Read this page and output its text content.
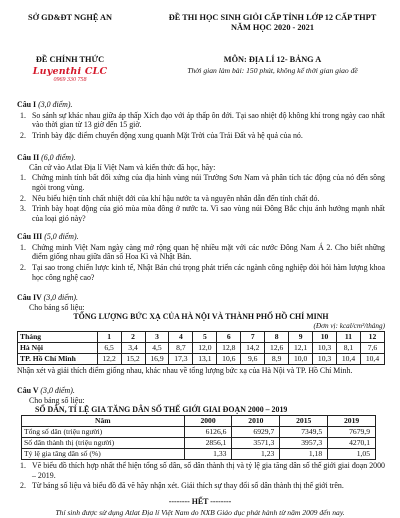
SỞ GD&ĐT NGHỆ AN	ĐỀ THI HỌC SINH GIỎI CẤP TỈNH LỚP 12 CẤP THPT
NĂM HỌC 2020 - 2021
ĐỀ CHÍNH THỨC
Luyenthi CLC
0969 330 758
MÔN: ĐỊA LÍ 12- BẢNG A
Thời gian làm bài: 150 phút, không kể thời gian giao đề
Câu I (3,0 điểm).
1. So sánh sự khác nhau giữa áp thấp Xích đạo với áp thấp ôn đới. Tại sao nhiệt độ không khí trong ngày cao nhất vào thời gian từ 13 giờ đến 15 giờ.
2. Trình bày đặc điểm chuyển động xung quanh Mặt Trời của Trái Đất và hệ quả của nó.
Câu II (6,0 điểm).
Căn cứ vào Atlat Địa lí Việt Nam và kiến thức đã học, hãy:
1. Chứng minh tính bất đối xứng của địa hình vùng núi Trường Sơn Nam và phân tích tác động của nó đến sông ngòi trong vùng.
2. Nêu biểu hiện tính chất nhiệt đới của khí hậu nước ta và nguyên nhân dẫn đến tính chất đó.
3. Trình bày hoạt động của gió mùa mùa đông ở nước ta. Vì sao vùng núi Đông Bắc chịu ảnh hưởng mạnh nhất của loại gió này?
Câu III (5,0 điểm).
1. Chứng minh Việt Nam ngày càng mở rộng quan hệ nhiều mặt với các nước Đông Nam Á 2. Cho biết những điểm giống nhau giữa dân số Hoa Kì và Nhật Bản.
2. Tại sao trong chiến lược kinh tế, Nhật Bản chú trọng phát triển các ngành công nghiệp đòi hỏi hàm lượng khoa học công nghệ cao?
Câu IV (3,0 điểm).
Cho bảng số liệu:
TỔNG LƯỢNG BỨC XẠ CỦA HÀ NỘI VÀ THÀNH PHỐ HỒ CHÍ MINH
(Đơn vị: kcal/cm²/tháng)
Tháng	1	2	3	4	5	6	7	8	9	10	11	12
Hà Nội	6,5	3,4	4,5	8,7	12,0	12,8	14,2	12,6	12,1	10,3	8,1	7,6
TP. Hồ Chí Minh	12,2	15,2	16,9	17,3	13,1	10,6	9,6	8,9	10,0	10,3	10,4	10,4
Nhận xét và giải thích điểm giống nhau, khác nhau về tổng lượng bức xạ của Hà Nội và TP. Hồ Chí Minh.
Câu V (3,0 điểm).
Cho bảng số liệu:
SỐ DÂN, TỈ LỆ GIA TĂNG DÂN SỐ THẾ GIỚI GIAI ĐOẠN 2000 – 2019
Năm	2000	2010	2015	2019
Tổng số dân (triệu người)	6126,6	6929,7	7349,5	7679,9
Số dân thành thị (triệu người)	2856,1	3571,3	3957,3	4270,1
Tỷ lệ gia tăng dân số (%)	1,33	1,23	1,18	1,05
1. Vẽ biểu đồ thích hợp nhất thể hiện tổng số dân, số dân thành thị và tỷ lệ gia tăng dân số thế giới giai đoạn 2000 – 2019.
2. Từ bảng số liệu và biểu đồ đã vẽ hãy nhận xét. Giải thích sự thay đổi số dân thành thị thế giới trên.
-------- HẾT --------
Thí sinh được sử dụng Atlat Địa lí Việt Nam do NXB Giáo dục phát hành từ năm 2009 đến nay.
